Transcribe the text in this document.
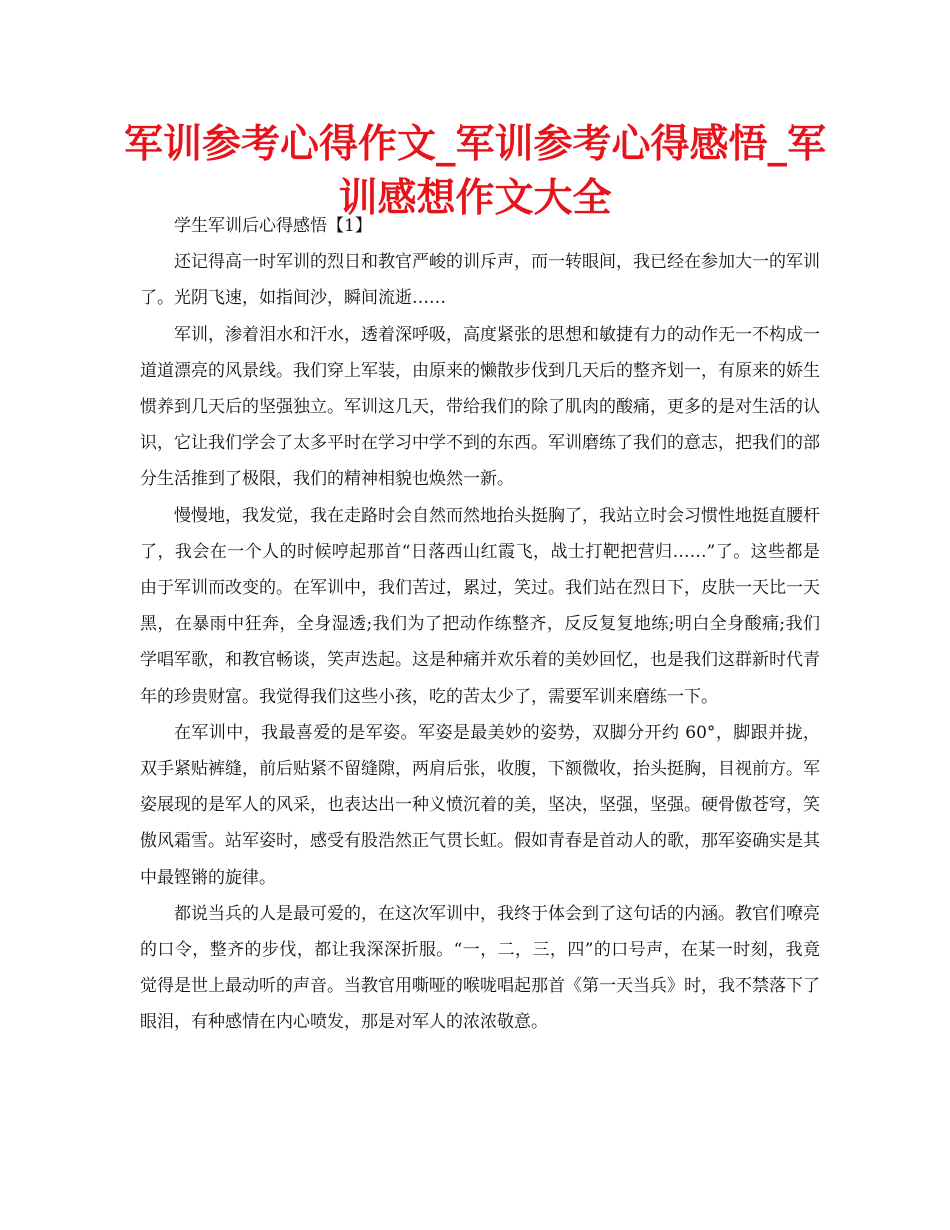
军训参考心得作文_军训参考心得感悟_军训感想作文大全

学生军训后心得感悟【1】

还记得高一时军训的烈日和教官严峻的训斥声，而一转眼间，我已经在参加大一的军训了。光阴飞速，如指间沙，瞬间流逝……

军训，渗着泪水和汗水，透着深呼吸，高度紧张的思想和敏捷有力的动作无一不构成一道道漂亮的风景线。我们穿上军装，由原来的懒散步伐到几天后的整齐划一，有原来的娇生惯养到几天后的坚强独立。军训这几天，带给我们的除了肌肉的酸痛，更多的是对生活的认识，它让我们学会了太多平时在学习中学不到的东西。军训磨练了我们的意志，把我们的部分生活推到了极限，我们的精神相貌也焕然一新。

慢慢地，我发觉，我在走路时会自然而然地抬头挺胸了，我站立时会习惯性地挺直腰杆了，我会在一个人的时候哼起那首“日落西山红霞飞，战士打靶把营归……”了。这些都是由于军训而改变的。在军训中，我们苦过，累过，笑过。我们站在烈日下，皮肤一天比一天黑，在暴雨中狂奔，全身湿透;我们为了把动作练整齐，反反复复地练;明白全身酸痛;我们学唱军歌，和教官畅谈，笑声迭起。这是种痛并欢乐着的美妙回忆，也是我们这群新时代青年的珍贵财富。我觉得我们这些小孩，吃的苦太少了，需要军训来磨练一下。

在军训中，我最喜爱的是军姿。军姿是最美妙的姿势，双脚分开约 60°，脚跟并拢，双手紧贴裤缝，前后贴紧不留缝隙，两肩后张，收腹，下额微收，抬头挺胸，目视前方。军姿展现的是军人的风采，也表达出一种义愤沉着的美，坚决，坚强，坚强。硬骨傲苍穹，笑傲风霜雪。站军姿时，感受有股浩然正气贯长虹。假如青春是首动人的歌，那军姿确实是其中最铿锵的旋律。

都说当兵的人是最可爱的，在这次军训中，我终于体会到了这句话的内涵。教官们嘹亮的口令，整齐的步伐，都让我深深折服。“一，二，三，四”的口号声，在某一时刻，我竟觉得是世上最动听的声音。当教官用嘶哑的喉咙唱起那首《第一天当兵》时，我不禁落下了眼泪，有种感情在内心喷发，那是对军人的浓浓敬意。
